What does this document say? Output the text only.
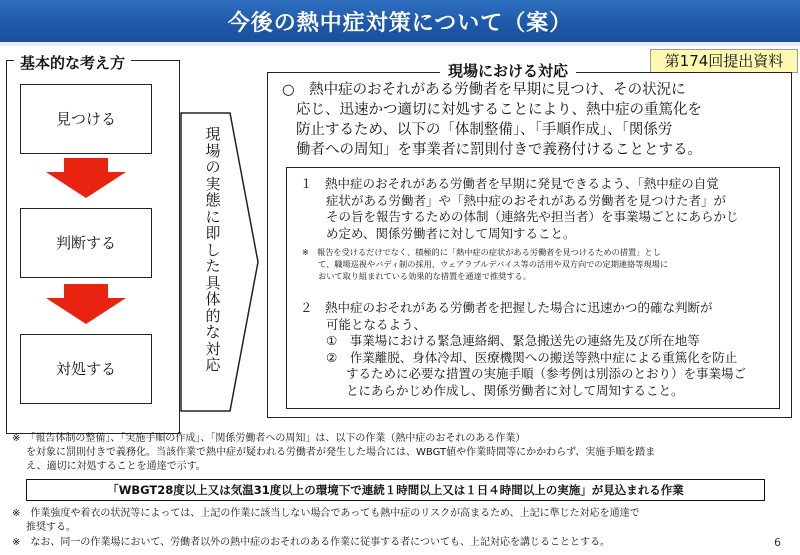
今後の熱中症対策について（案）
第174回提出資料
基本的な考え方
見つける
判断する
対処する
現場の実態に即した具体的な対応
現場における対応
○　熱中症のおそれがある労働者を早期に見つけ、その状況に
応じ、迅速かつ適切に対処することにより、熱中症の重篤化を
防止するため、以下の「体制整備」、「手順作成」、「関係労
働者への周知」を事業者に罰則付きで義務付けることとする。
１　熱中症のおそれがある労働者を早期に発見できるよう、「熱中症の自覚
症状がある労働者」や「熱中症のおそれがある労働者を見つけた者」が
その旨を報告するための体制（連絡先や担当者）を事業場ごとにあらかじ
め定め、関係労働者に対して周知すること。
※　報告を受けるだけでなく、積極的に「熱中症の症状がある労働者を見つけるための措置」とし
て、職場巡視やバディ制の採用、ウェアラブルデバイス等の活用や双方向での定期連絡等現場に
おいて取り組まれている効果的な措置を通達で推奨する。
２　熱中症のおそれがある労働者を把握した場合に迅速かつ的確な判断が
可能となるよう、
①　事業場における緊急連絡網、緊急搬送先の連絡先及び所在地等
②　作業離脱、身体冷却、医療機関への搬送等熱中症による重篤化を防止
するために必要な措置の実施手順（参考例は別添のとおり）を事業場ご
とにあらかじめ作成し、関係労働者に対して周知すること。
※　「報告体制の整備」、「実施手順の作成」、「関係労働者への周知」は、以下の作業（熱中症のおそれのある作業）
を対象に罰則付きで義務化。当該作業で熱中症が疑われる労働者が発生した場合には、WBGT値や作業時間等にかかわらず、実施手順を踏ま
え、適切に対処することを通達で示す。
「WBGT28度以上又は気温31度以上の環境下で連続１時間以上又は１日４時間以上の実施」が見込まれる作業
※　作業強度や着衣の状況等によっては、上記の作業に該当しない場合であっても熱中症のリスクが高まるため、上記に準じた対応を通達で
推奨する。
※　なお、同一の作業場において、労働者以外の熱中症のおそれのある作業に従事する者についても、上記対応を講じることとする。	6
